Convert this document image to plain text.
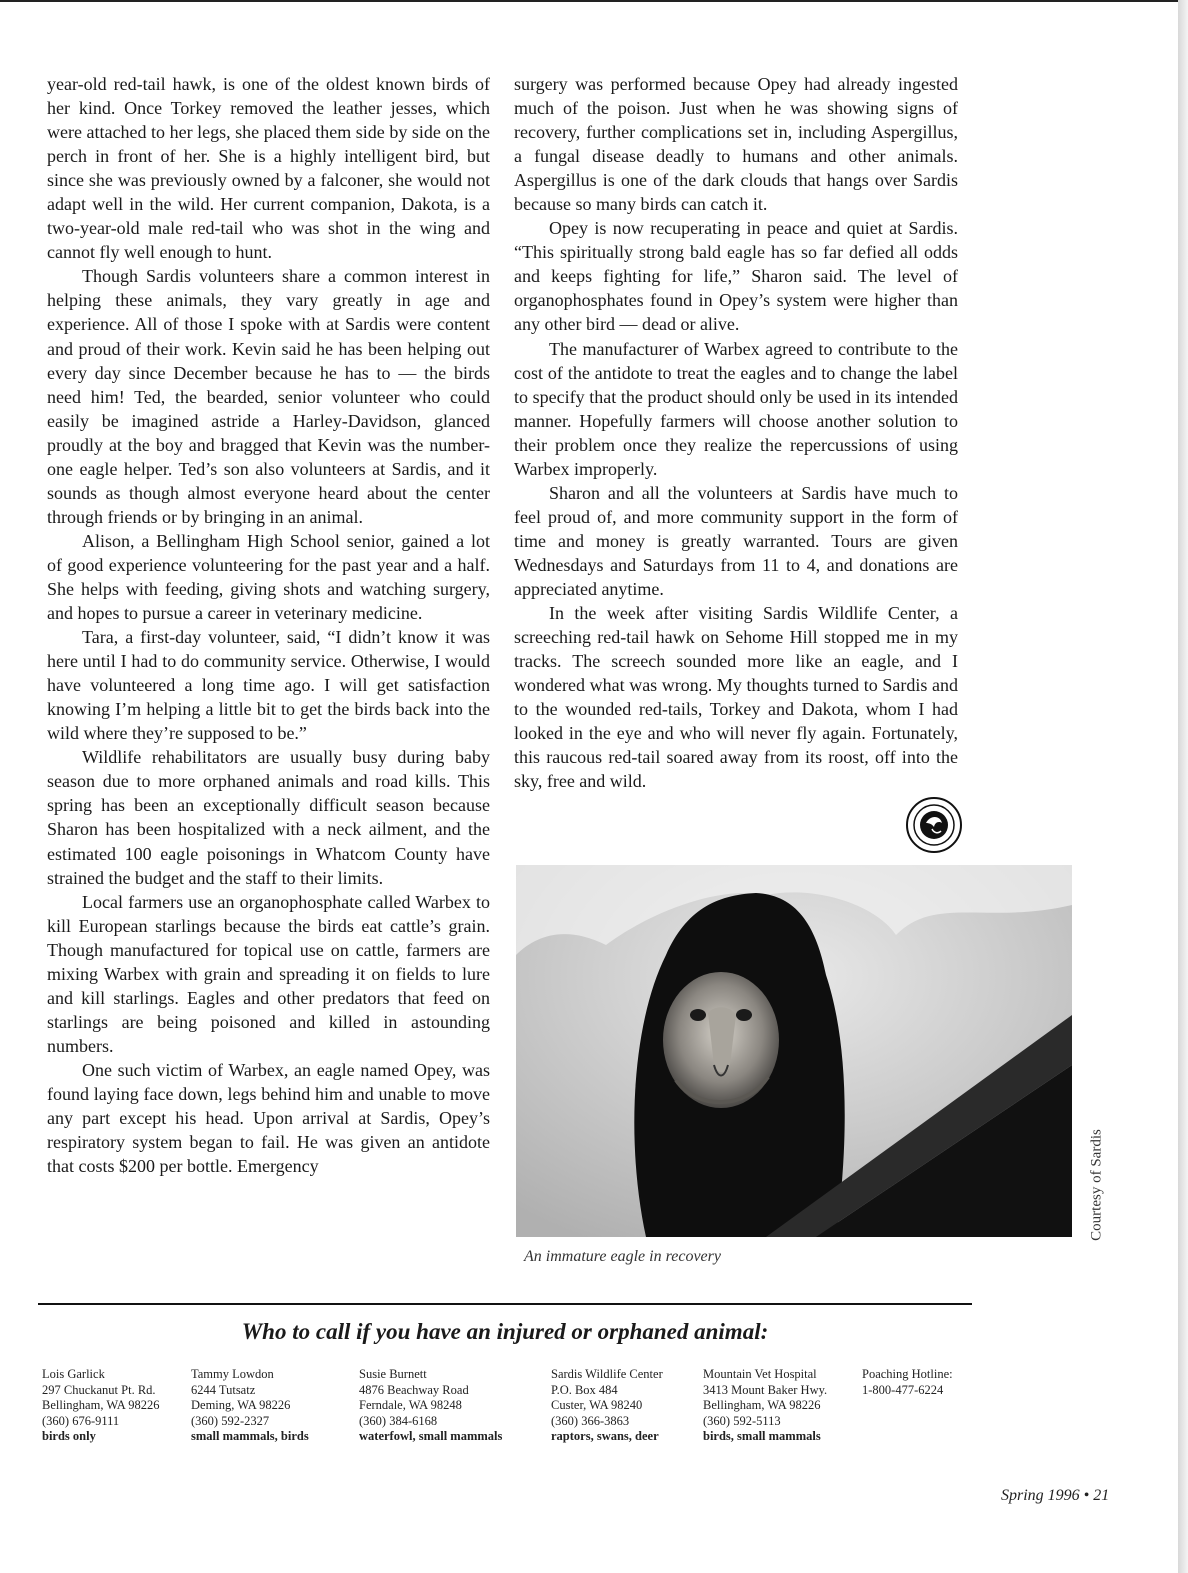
year-old red-tail hawk, is one of the oldest known birds of her kind. Once Torkey removed the leather jesses, which were attached to her legs, she placed them side by side on the perch in front of her. She is a highly intelligent bird, but since she was previously owned by a falconer, she would not adapt well in the wild. Her current companion, Dakota, is a two-year-old male red-tail who was shot in the wing and cannot fly well enough to hunt.

Though Sardis volunteers share a common interest in helping these animals, they vary greatly in age and experience. All of those I spoke with at Sardis were content and proud of their work. Kevin said he has been helping out every day since December because he has to — the birds need him! Ted, the bearded, senior volunteer who could easily be imagined astride a Harley-Davidson, glanced proudly at the boy and bragged that Kevin was the number-one eagle helper. Ted’s son also volunteers at Sardis, and it sounds as though almost everyone heard about the center through friends or by bringing in an animal.

Alison, a Bellingham High School senior, gained a lot of good experience volunteering for the past year and a half. She helps with feeding, giving shots and watching surgery, and hopes to pursue a career in veterinary medicine.

Tara, a first-day volunteer, said, “I didn’t know it was here until I had to do community service. Otherwise, I would have volunteered a long time ago. I will get satisfaction knowing I’m helping a little bit to get the birds back into the wild where they’re supposed to be.”

Wildlife rehabilitators are usually busy during baby season due to more orphaned animals and road kills. This spring has been an exceptionally difficult season because Sharon has been hospitalized with a neck ailment, and the estimated 100 eagle poisonings in Whatcom County have strained the budget and the staff to their limits.

Local farmers use an organophosphate called Warbex to kill European starlings because the birds eat cattle’s grain. Though manufactured for topical use on cattle, farmers are mixing Warbex with grain and spreading it on fields to lure and kill starlings. Eagles and other predators that feed on starlings are being poisoned and killed in astounding numbers.

One such victim of Warbex, an eagle named Opey, was found laying face down, legs behind him and unable to move any part except his head. Upon arrival at Sardis, Opey’s respiratory system began to fail. He was given an antidote that costs $200 per bottle. Emergency

surgery was performed because Opey had already ingested much of the poison. Just when he was showing signs of recovery, further complications set in, including Aspergillus, a fungal disease deadly to humans and other animals. Aspergillus is one of the dark clouds that hangs over Sardis because so many birds can catch it.

Opey is now recuperating in peace and quiet at Sardis. “This spiritually strong bald eagle has so far defied all odds and keeps fighting for life,” Sharon said. The level of organophosphates found in Opey’s system were higher than any other bird — dead or alive.

The manufacturer of Warbex agreed to contribute to the cost of the antidote to treat the eagles and to change the label to specify that the product should only be used in its intended manner. Hopefully farmers will choose another solution to their problem once they realize the repercussions of using Warbex improperly.

Sharon and all the volunteers at Sardis have much to feel proud of, and more community support in the form of time and money is greatly warranted. Tours are given Wednesdays and Saturdays from 11 to 4, and donations are appreciated anytime.

In the week after visiting Sardis Wildlife Center, a screeching red-tail hawk on Sehome Hill stopped me in my tracks. The screech sounded more like an eagle, and I wondered what was wrong. My thoughts turned to Sardis and to the wounded red-tails, Torkey and Dakota, whom I had looked in the eye and who will never fly again. Fortunately, this raucous red-tail soared away from its roost, off into the sky, free and wild.

An immature eagle in recovery
Courtesy of Sardis
Who to call if you have an injured or orphaned animal:
Lois Garlick
297 Chuckanut Pt. Rd.
Bellingham, WA 98226
(360) 676-9111
birds only
Tammy Lowdon
6244 Tutsatz
Deming, WA 98226
(360) 592-2327
small mammals, birds
Susie Burnett
4876 Beachway Road
Ferndale, WA 98248
(360) 384-6168
waterfowl, small mammals
Sardis Wildlife Center
P.O. Box 484
Custer, WA 98240
(360) 366-3863
raptors, swans, deer
Mountain Vet Hospital
3413 Mount Baker Hwy.
Bellingham, WA 98226
(360) 592-5113
birds, small mammals
Poaching Hotline:
1-800-477-6224
Spring 1996 • 21
